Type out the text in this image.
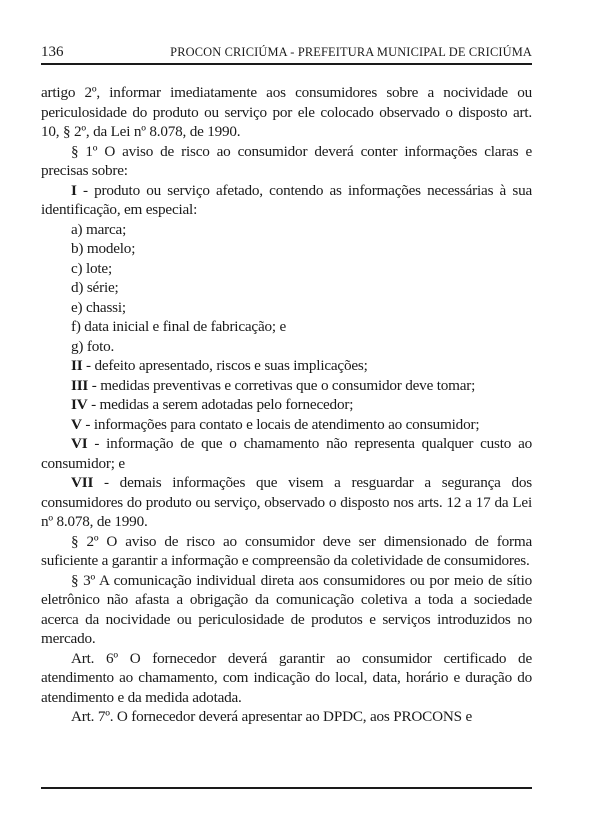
136	PROCON CRICIÚMA - PREFEITURA MUNICIPAL DE CRICIÚMA

artigo 2º, informar imediatamente aos consumidores sobre a nocividade ou periculosidade do produto ou serviço por ele colocado observado o disposto art. 10, § 2º, da Lei nº 8.078, de 1990.

§ 1º O aviso de risco ao consumidor deverá conter informações claras e precisas sobre:

I - produto ou serviço afetado, contendo as informações necessárias à sua identificação, em especial:

a) marca;

b) modelo;

c) lote;

d) série;

e) chassi;

f) data inicial e final de fabricação; e

g) foto.

II - defeito apresentado, riscos e suas implicações;

III - medidas preventivas e corretivas que o consumidor deve tomar;

IV - medidas a serem adotadas pelo fornecedor;

V - informações para contato e locais de atendimento ao consumidor;

VI - informação de que o chamamento não representa qualquer custo ao consumidor; e

VII - demais informações que visem a resguardar a segurança dos consumidores do produto ou serviço, observado o disposto nos arts. 12 a 17 da Lei nº 8.078, de 1990.

§ 2º O aviso de risco ao consumidor deve ser dimensionado de forma suficiente a garantir a informação e compreensão da coletividade de consumidores.

§ 3º A comunicação individual direta aos consumidores ou por meio de sítio eletrônico não afasta a obrigação da comunicação coletiva a toda a sociedade acerca da nocividade ou periculosidade de produtos e serviços introduzidos no mercado.

Art. 6º O fornecedor deverá garantir ao consumidor certificado de atendimento ao chamamento, com indicação do local, data, horário e duração do atendimento e da medida adotada.

Art. 7º. O fornecedor deverá apresentar ao DPDC, aos PROCONS e
